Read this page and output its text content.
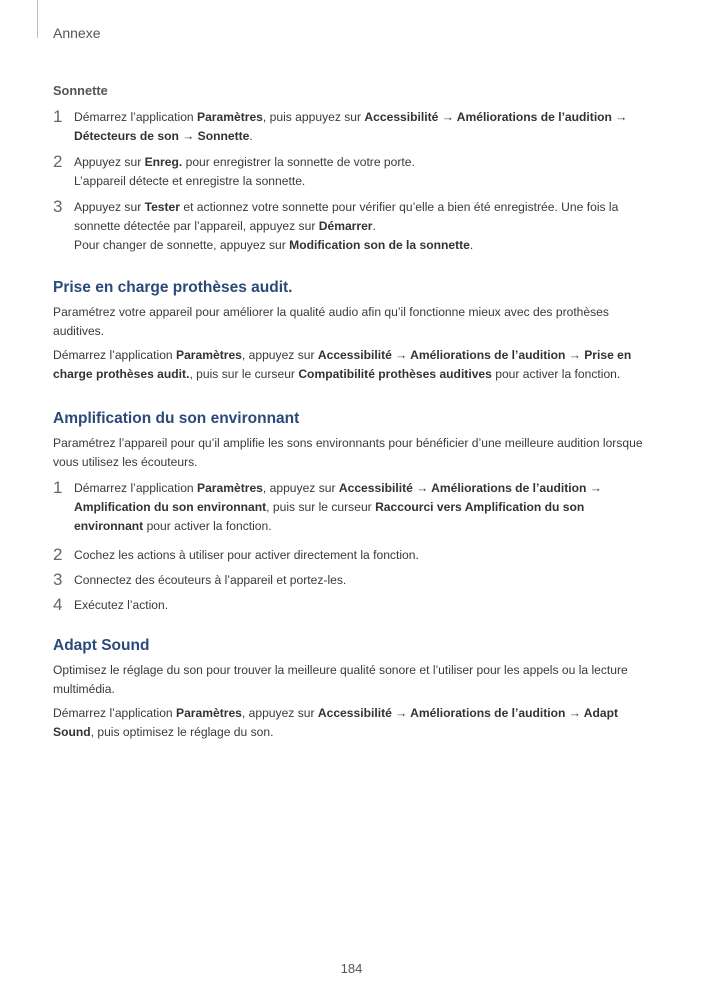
Annexe
Sonnette
1 Démarrez l’application Paramètres, puis appuyez sur Accessibilité → Améliorations de l’audition → Détecteurs de son → Sonnette.

2 Appuyez sur Enreg. pour enregistrer la sonnette de votre porte.

L’appareil détecte et enregistre la sonnette.

3 Appuyez sur Tester et actionnez votre sonnette pour vérifier qu’elle a bien été enregistrée. Une fois la sonnette détectée par l’appareil, appuyez sur Démarrer.

Pour changer de sonnette, appuyez sur Modification son de la sonnette.

Prise en charge prothèses audit.

Paramétrez votre appareil pour améliorer la qualité audio afin qu’il fonctionne mieux avec des prothèses auditives.

Démarrez l’application Paramètres, appuyez sur Accessibilité → Améliorations de l’audition → Prise en charge prothèses audit., puis sur le curseur Compatibilité prothèses auditives pour activer la fonction.

Amplification du son environnant

Paramétrez l’appareil pour qu’il amplifie les sons environnants pour bénéficier d’une meilleure audition lorsque vous utilisez les écouteurs.

1 Démarrez l’application Paramètres, appuyez sur Accessibilité → Améliorations de l’audition → Amplification du son environnant, puis sur le curseur Raccourci vers Amplification du son environnant pour activer la fonction.

2 Cochez les actions à utiliser pour activer directement la fonction.

3 Connectez des écouteurs à l’appareil et portez-les.

4 Exécutez l’action.

Adapt Sound

Optimisez le réglage du son pour trouver la meilleure qualité sonore et l’utiliser pour les appels ou la lecture multimédia.

Démarrez l’application Paramètres, appuyez sur Accessibilité → Améliorations de l’audition → Adapt Sound, puis optimisez le réglage du son.

184
